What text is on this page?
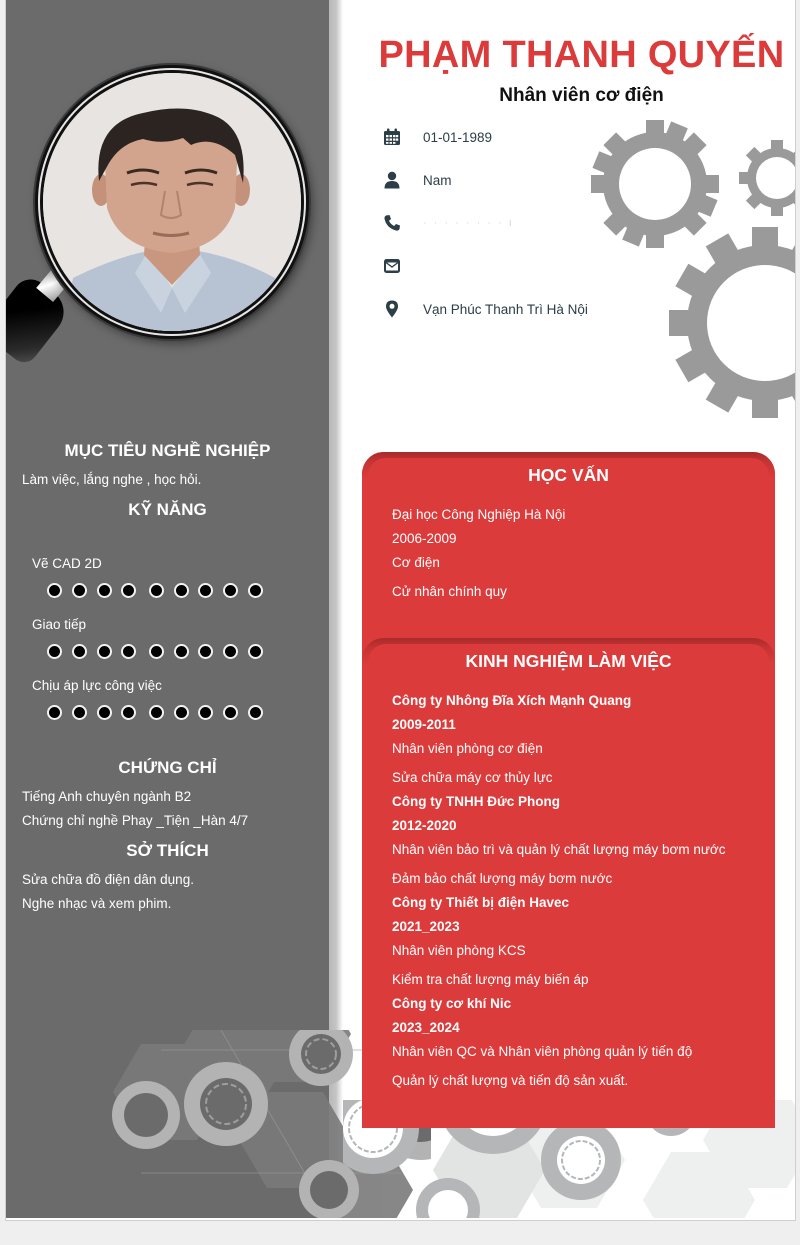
MỤC TIÊU NGHỀ NGHIỆP
Làm việc, lắng nghe , học hỏi.
KỸ NĂNG
Vẽ CAD 2D
Giao tiếp
Chịu áp lực công việc
CHỨNG CHỈ
Tiếng Anh chuyên ngành B2
Chứng chỉ nghề Phay _Tiện _Hàn 4/7
SỞ THÍCH
Sửa chữa đồ điện dân dụng.
Nghe nhạc và xem phim.
PHẠM THANH QUYẾN
Nhân viên cơ điện
01-01-1989
Nam
· · · · · · · · ı
Vạn Phúc Thanh Trì Hà Nội
HỌC VẤN
Đại học Công Nghiệp Hà Nội
2006-2009
Cơ điện
Cử nhân chính quy
KINH NGHIỆM LÀM VIỆC
Công ty Nhông Đĩa Xích Mạnh Quang
2009-2011
Nhân viên phòng cơ điện
Sửa chữa máy cơ thủy lực
Công ty TNHH Đức Phong
2012-2020
Nhân viên bảo trì và quản lý chất lượng máy bơm nước
Đảm bảo chất lượng máy bơm nước
Công ty Thiết bị điện Havec
2021_2023
Nhân viên phòng KCS
Kiểm tra chất lượng máy biến áp
Công ty cơ khí Nic
2023_2024
Nhân viên QC và Nhân viên phòng quản lý tiến độ
Quản lý chất lượng và tiến độ sản xuất.
